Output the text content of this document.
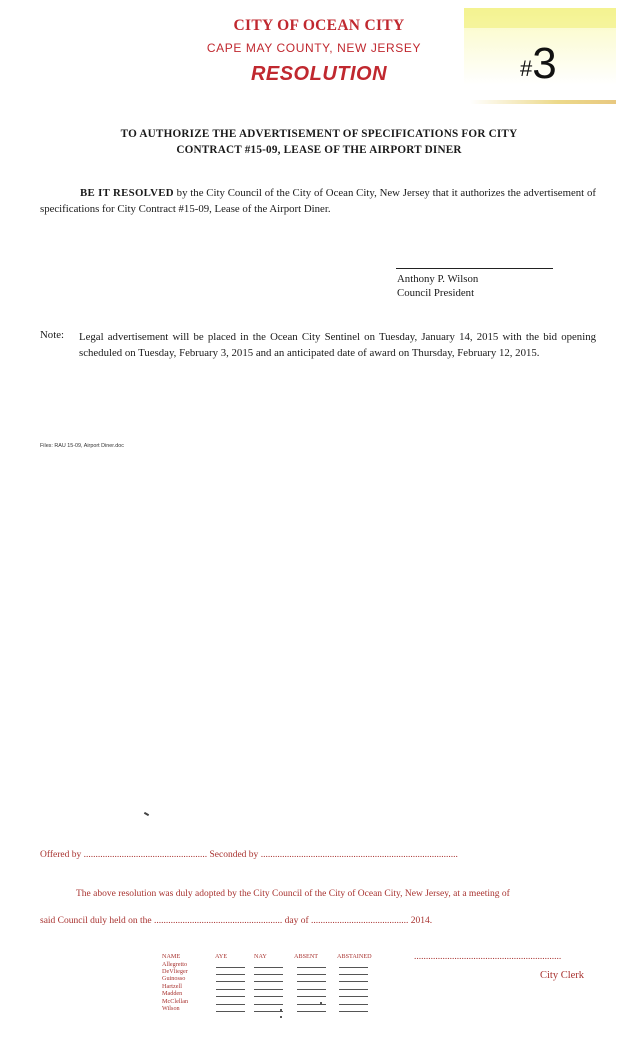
CITY OF OCEAN CITY
CAPE MAY COUNTY, NEW JERSEY
RESOLUTION	#3
TO AUTHORIZE THE ADVERTISEMENT OF SPECIFICATIONS FOR CITY
CONTRACT #15-09, LEASE OF THE AIRPORT DINER
BE IT RESOLVED by the City Council of the City of Ocean City, New Jersey that it authorizes the advertisement of specifications for City Contract #15-09, Lease of the Airport Diner.
Anthony P. Wilson
Council President
Note: Legal advertisement will be placed in the Ocean City Sentinel on Tuesday, January 14, 2015 with the bid opening scheduled on Tuesday, February 3, 2015 and an anticipated date of award on Thursday, February 12, 2015.
Files: RAU 15-09, Airport Diner.doc
Offered by .................................................... Seconded by ...................................................................................
The above resolution was duly adopted by the City Council of the City of Ocean City, New Jersey, at a meeting of
said Council duly held on the ...................................................... day of ......................................... 2014.
NAME	AYE	NAY	ABSENT	ABSTAINED
Allegretto
DeVlieger
Guinosso
Hartzell
Madden
McClellan
Wilson
..............................................................
City Clerk
